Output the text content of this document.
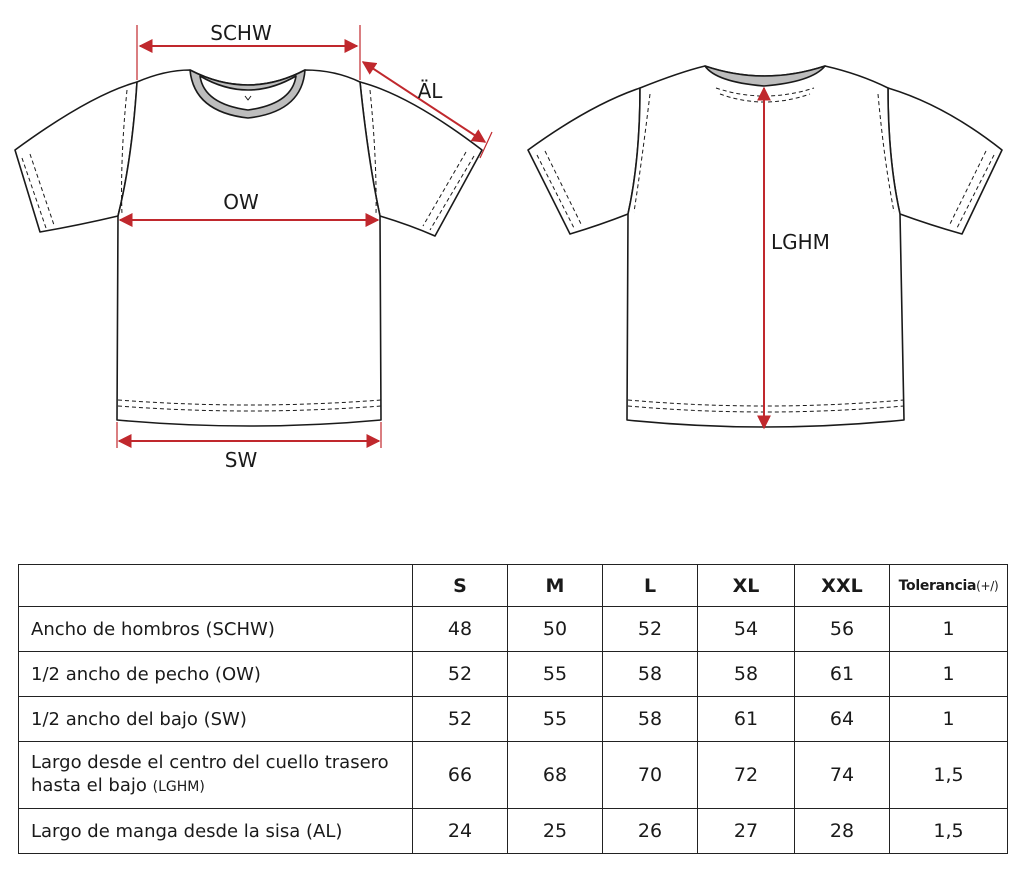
SCHW
ÄL
OW
SW
LGHM
	S	M	L	XL	XXL	Tolerancia(+/)
Ancho de hombros (SCHW)	48	50	52	54	56	1
1/2 ancho de pecho (OW)	52	55	58	58	61	1
1/2 ancho del bajo (SW)	52	55	58	61	64	1
Largo desde el centro del cuello trasero
hasta el bajo (LGHM)	66	68	70	72	74	1,5
Largo de manga desde la sisa (AL)	24	25	26	27	28	1,5
